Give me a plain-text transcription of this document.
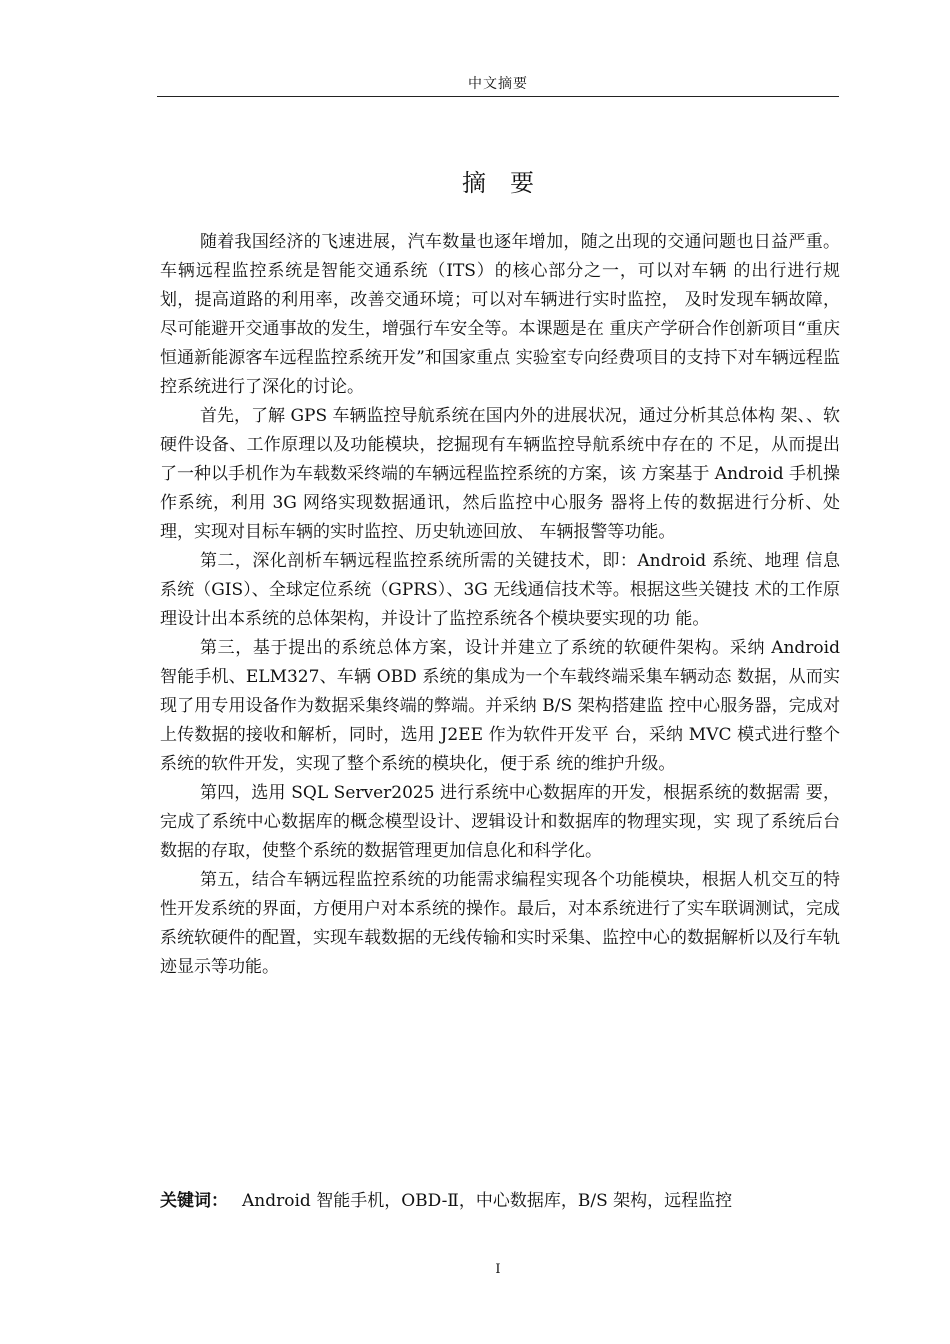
中文摘要
摘要

随着我国经济的飞速进展，汽车数量也逐年增加，随之出现的交通问题也日益严重。车辆远程监控系统是智能交通系统（ITS）的核心部分之一，可以对车辆 的出行进行规划，提高道路的利用率，改善交通环境；可以对车辆进行实时监控， 及时发现车辆故障，尽可能避开交通事故的发生，增强行车安全等。本课题是在 重庆产学研合作创新项目“重庆恒通新能源客车远程监控系统开发”和国家重点 实验室专向经费项目的支持下对车辆远程监控系统进行了深化的讨论。

首先，了解 GPS 车辆监控导航系统在国内外的进展状况，通过分析其总体构 架、、软硬件设备、工作原理以及功能模块，挖掘现有车辆监控导航系统中存在的 不足，从而提出了一种以手机作为车载数采终端的车辆远程监控系统的方案，该 方案基于 Android 手机操作系统，利用 3G 网络实现数据通讯，然后监控中心服务 器将上传的数据进行分析、处理，实现对目标车辆的实时监控、历史轨迹回放、 车辆报警等功能。

第二，深化剖析车辆远程监控系统所需的关键技术，即：Android 系统、地理 信息系统（GIS）、全球定位系统（GPRS）、3G 无线通信技术等。根据这些关键技 术的工作原理设计出本系统的总体架构，并设计了监控系统各个模块要实现的功 能。

第三，基于提出的系统总体方案，设计并建立了系统的软硬件架构。采纳 Android 智能手机、ELM327、车辆 OBD 系统的集成为一个车载终端采集车辆动态 数据，从而实现了用专用设备作为数据采集终端的弊端。并采纳 B/S 架构搭建监 控中心服务器，完成对上传数据的接收和解析，同时，选用 J2EE 作为软件开发平 台，采纳 MVC 模式进行整个系统的软件开发，实现了整个系统的模块化，便于系 统的维护升级。

第四，选用 SQL Server2025 进行系统中心数据库的开发，根据系统的数据需 要，完成了系统中心数据库的概念模型设计、逻辑设计和数据库的物理实现，实 现了系统后台数据的存取，使整个系统的数据管理更加信息化和科学化。

第五，结合车辆远程监控系统的功能需求编程实现各个功能模块，根据人机交互的特性开发系统的界面，方便用户对本系统的操作。最后，对本系统进行了实车联调测试，完成系统软硬件的配置，实现车载数据的无线传输和实时采集、监控中心的数据解析以及行车轨迹显示等功能。

关键词： Android 智能手机，OBD-Ⅱ，中心数据库，B/S 架构，远程监控
I
